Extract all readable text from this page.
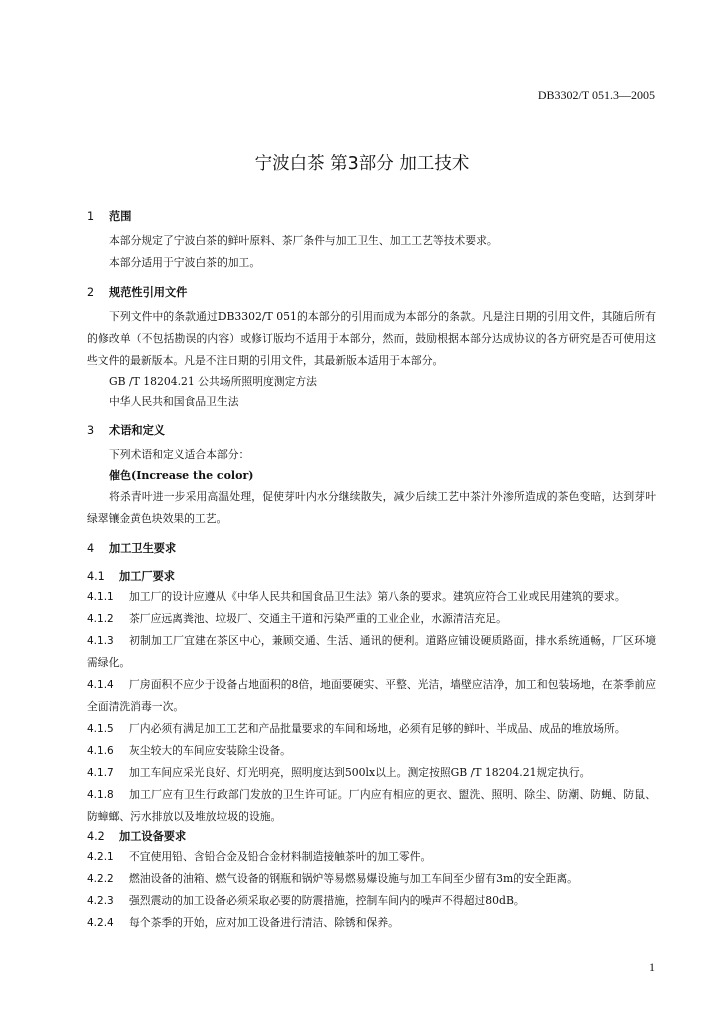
DB3302/T 051.3—2005
宁波白茶 第3部分 加工技术
1 范围

本部分规定了宁波白茶的鲜叶原料、茶厂条件与加工卫生、加工工艺等技术要求。

本部分适用于宁波白茶的加工。

2 规范性引用文件

下列文件中的条款通过DB3302/T 051的本部分的引用而成为本部分的条款。凡是注日期的引用文件，其随后所有的修改单（不包括勘误的内容）或修订版均不适用于本部分，然而，鼓励根据本部分达成协议的各方研究是否可使用这些文件的最新版本。凡是不注日期的引用文件，其最新版本适用于本部分。

GB /T 18204.21 公共场所照明度测定方法

中华人民共和国食品卫生法

3 术语和定义

下列术语和定义适合本部分：

催色(Increase the color)

将杀青叶进一步采用高温处理，促使芽叶内水分继续散失，减少后续工艺中茶汁外渗所造成的茶色变暗，达到芽叶绿翠镶金黄色块效果的工艺。

4 加工卫生要求
4.1 加工厂要求

4.1.1 加工厂的设计应遵从《中华人民共和国食品卫生法》第八条的要求。建筑应符合工业或民用建筑的要求。

4.1.2 茶厂应远离粪池、垃圾厂、交通主干道和污染严重的工业企业，水源清洁充足。

4.1.3 初制加工厂宜建在茶区中心，兼顾交通、生活、通讯的便利。道路应铺设硬质路面，排水系统通畅，厂区环境需绿化。

4.1.4 厂房面积不应少于设备占地面积的8倍，地面要硬实、平整、光洁，墙壁应洁净，加工和包装场地，在茶季前应全面清洗消毒一次。

4.1.5 厂内必须有满足加工工艺和产品批量要求的车间和场地，必须有足够的鲜叶、半成品、成品的堆放场所。

4.1.6 灰尘较大的车间应安装除尘设备。

4.1.7 加工车间应采光良好、灯光明亮，照明度达到500lx以上。测定按照GB /T 18204.21规定执行。

4.1.8 加工厂应有卫生行政部门发放的卫生许可证。厂内应有相应的更衣、盥洗、照明、除尘、防潮、防蝇、防鼠、防蟑螂、污水排放以及堆放垃圾的设施。

4.2 加工设备要求

4.2.1 不宜使用铅、含铅合金及铅合金材料制造接触茶叶的加工零件。

4.2.2 燃油设备的油箱、燃气设备的钢瓶和锅炉等易燃易爆设施与加工车间至少留有3m的安全距离。

4.2.3 强烈震动的加工设备必须采取必要的防震措施，控制车间内的噪声不得超过80dB。

4.2.4 每个茶季的开始，应对加工设备进行清洁、除锈和保养。

1
